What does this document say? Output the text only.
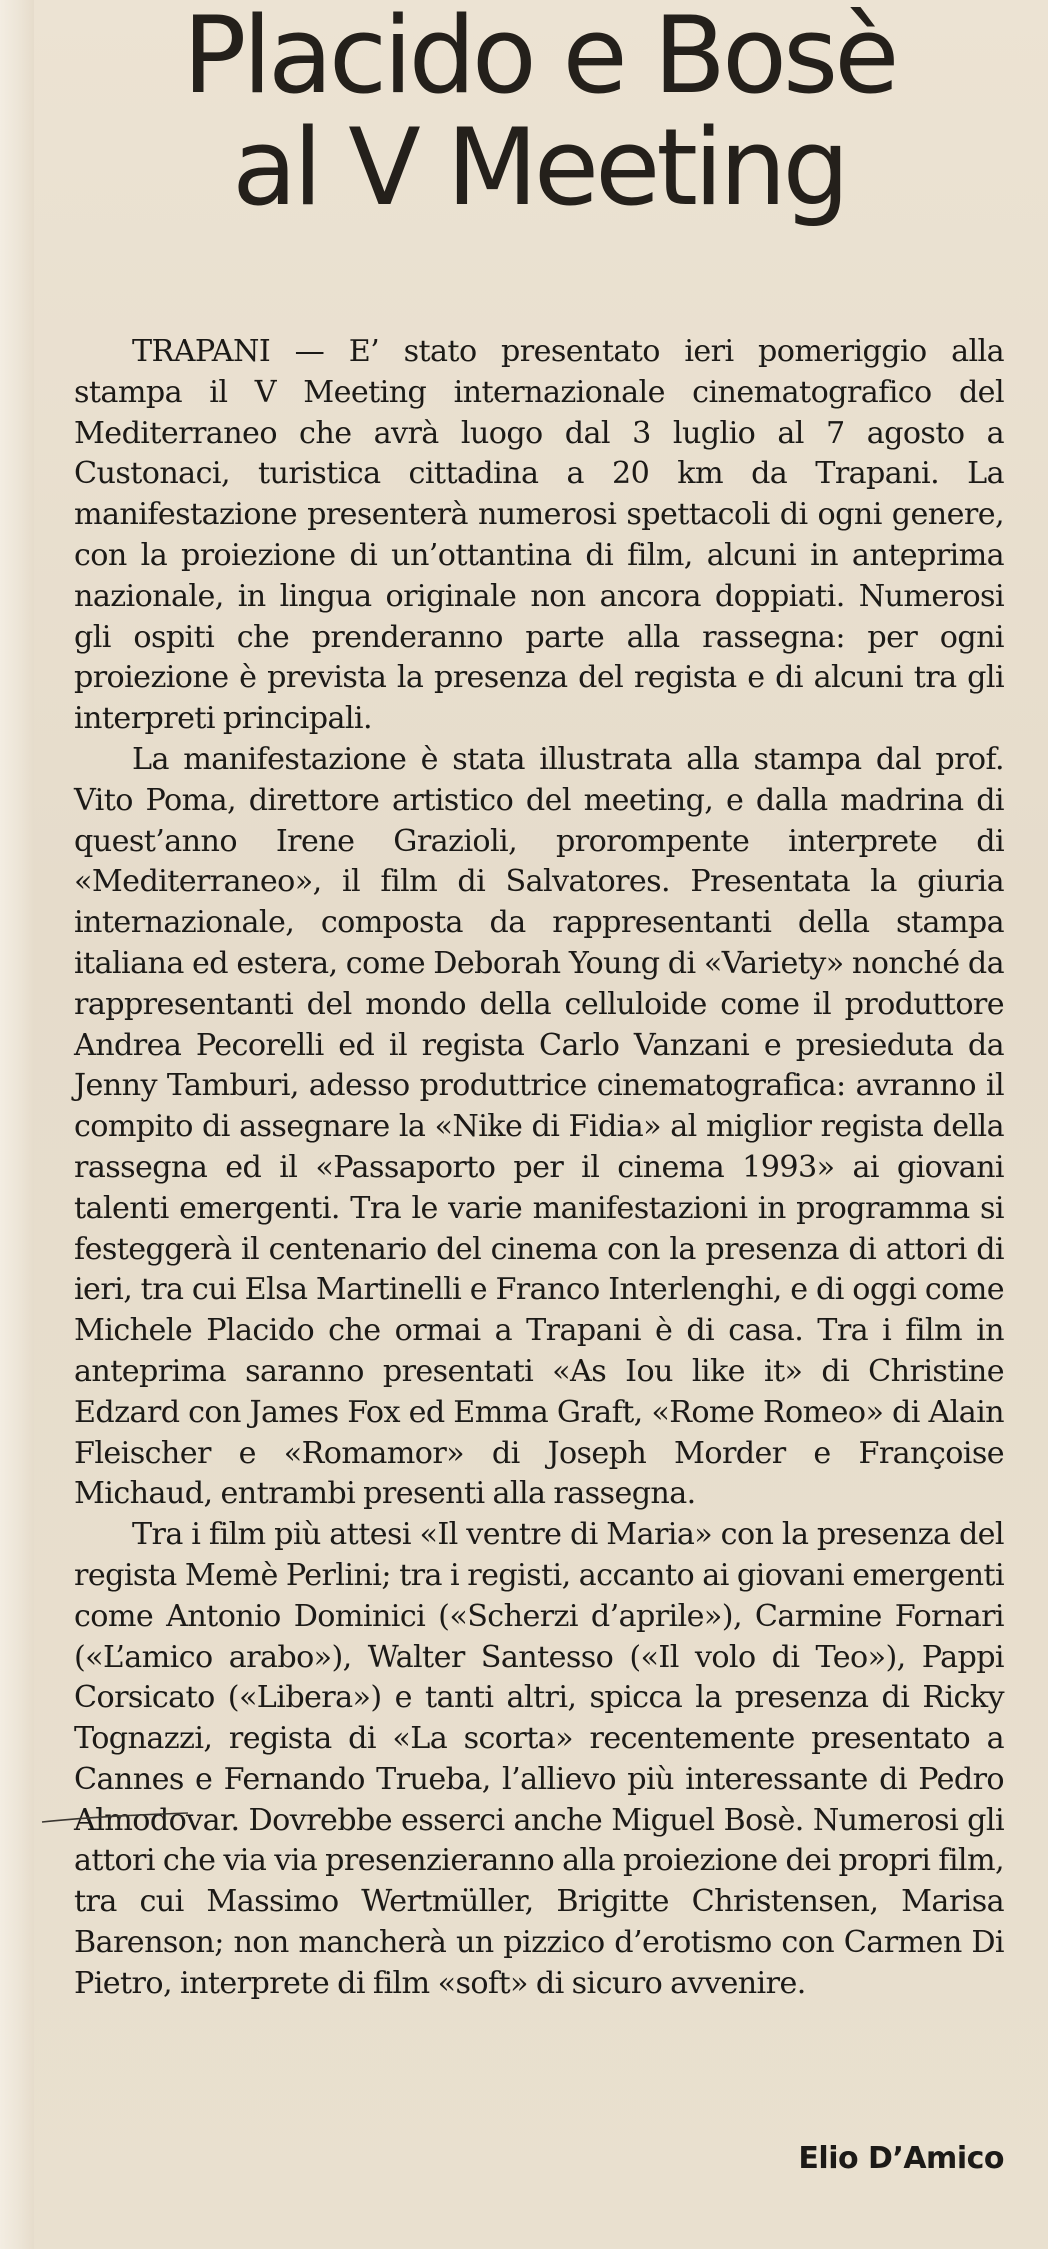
Placido e Bosè
al V Meeting

TRAPANI — E’ stato presentato ieri pomeriggio alla stampa il V Meeting internazionale cinematografico del Mediterraneo che avrà luogo dal 3 luglio al 7 agosto a Custonaci, turistica cittadina a 20 km da Trapani. La manifestazione presenterà numerosi spettacoli di ogni genere, con la proiezione di un’ottantina di film, alcuni in anteprima nazionale, in lingua originale non ancora doppiati. Numerosi gli ospiti che prenderanno parte alla rassegna: per ogni proiezione è prevista la presenza del regista e di alcuni tra gli interpreti principali.

La manifestazione è stata illustrata alla stampa dal prof. Vito Poma, direttore artistico del meeting, e dalla madrina di quest’anno Irene Grazioli, prorompente interprete di «Mediterraneo», il film di Salvatores. Presentata la giuria internazionale, composta da rappresentanti della stampa italiana ed estera, come Deborah Young di «Variety» nonché da rappresentanti del mondo della celluloide come il produttore Andrea Pecorelli ed il regista Carlo Vanzani e presieduta da Jenny Tamburi, adesso produttrice cinematografica: avranno il compito di assegnare la «Nike di Fidia» al miglior regista della rassegna ed il «Passaporto per il cinema 1993» ai giovani talenti emergenti. Tra le varie manifestazioni in programma si festeggerà il centenario del cinema con la presenza di attori di ieri, tra cui Elsa Martinelli e Franco Interlenghi, e di oggi come Michele Placido che ormai a Trapani è di casa. Tra i film in anteprima saranno presentati «As Iou like it» di Christine Edzard con James Fox ed Emma Graft, «Rome Romeo» di Alain Fleischer e «Romamor» di Joseph Morder e Françoise Michaud, entrambi presenti alla rassegna.

Tra i film più attesi «Il ventre di Maria» con la presenza del regista Memè Perlini; tra i registi, accanto ai giovani emergenti come Antonio Dominici («Scherzi d’aprile»), Carmine Fornari («L’amico arabo»), Walter Santesso («Il volo di Teo»), Pappi Corsicato («Libera») e tanti altri, spicca la presenza di Ricky Tognazzi, regista di «La scorta» recentemente presentato a Cannes e Fernando Trueba, l’allievo più interessante di Pedro Almodovar. Dovrebbe esserci anche Miguel Bosè. Numerosi gli attori che via via presenzieranno alla proiezione dei propri film, tra cui Massimo Wertmüller, Brigitte Christensen, Marisa Barenson; non mancherà un pizzico d’erotismo con Carmen Di Pietro, interprete di film «soft» di sicuro avvenire.

Elio D’Amico
